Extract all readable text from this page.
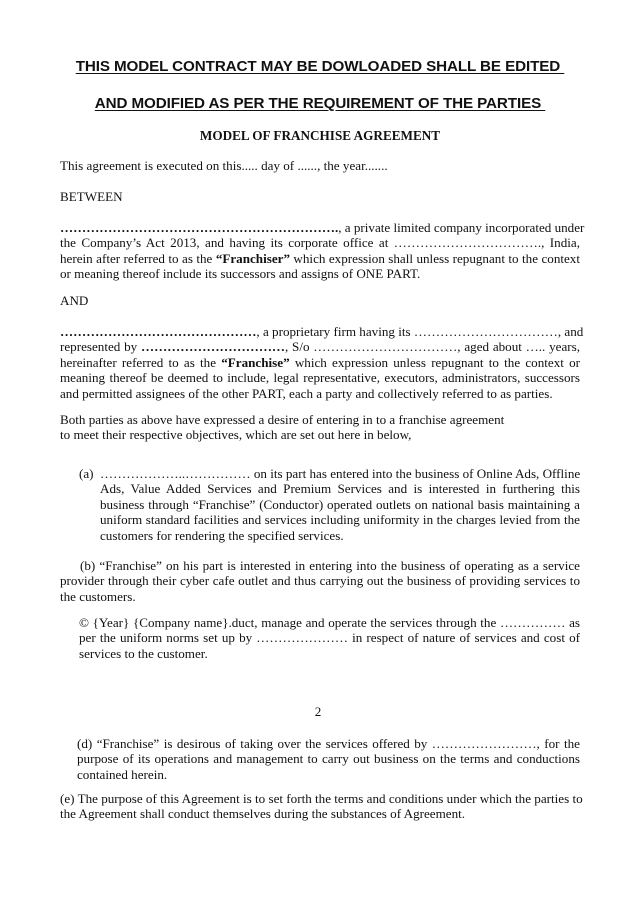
THIS MODEL CONTRACT MAY BE DOWLOADED SHALL BE EDITED
AND MODIFIED AS PER THE REQUIREMENT OF THE PARTIES
MODEL OF FRANCHISE AGREEMENT
This agreement is executed on this..... day of ......, the year.......
BETWEEN
………………………………………………………., a private limited company incorporated under
the Company’s Act 2013, and having its corporate office at ……………………………., India,
herein after referred to as the “Franchiser” which expression shall unless repugnant to the context
or meaning thereof include its successors and assigns of ONE PART.
AND
………………………………………, a proprietary firm having its ……………………………, and
represented by ……………………………, S/o ……………………………, aged about ….. years,
hereinafter referred to as the “Franchise” which expression unless repugnant to the context or
meaning thereof be deemed to include, legal representative, executors, administrators, successors
and permitted assignees of the other PART, each a party and collectively referred to as parties.
Both parties as above have expressed a desire of entering in to a franchise agreement
to meet their respective objectives, which are set out here in below,
(a) ………………..…………… on its part has entered into the business of Online Ads, Offline
Ads, Value Added Services and Premium Services and is interested in furthering this
business through “Franchise” (Conductor) operated outlets on national basis maintaining a
uniform standard facilities and services including uniformity in the charges levied from the
customers for rendering the specified services.
(b) “Franchise” on his part is interested in entering into the business of operating as a service
provider through their cyber cafe outlet and thus carrying out the business of providing services to
the customers.
© {Year} {Company name}.duct, manage and operate the services through the …………… as
per the uniform norms set up by ………………… in respect of nature of services and cost of
services to the customer.
2
(d) “Franchise” is desirous of taking over the services offered by ……………………, for the
purpose of its operations and management to carry out business on the terms and conductions
contained herein.
(e) The purpose of this Agreement is to set forth the terms and conditions under which the parties to
the Agreement shall conduct themselves during the substances of Agreement.
